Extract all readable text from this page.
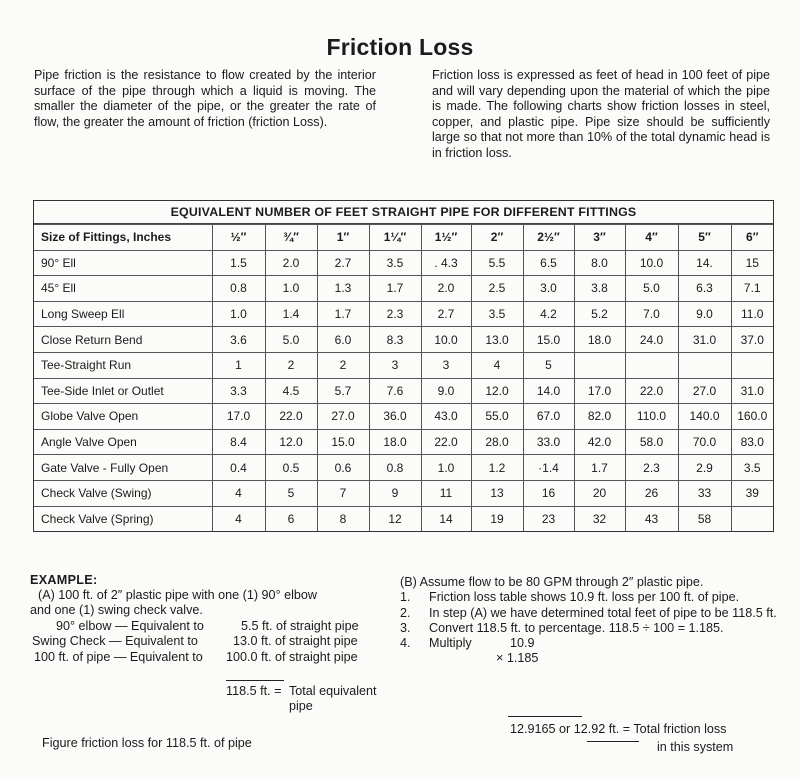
Friction Loss
Pipe friction is the resistance to flow created by the interior surface of the pipe through which a liquid is moving. The smaller the diameter of the pipe, or the greater the rate of flow, the greater the amount of friction (friction Loss).
Friction loss is expressed as feet of head in 100 feet of pipe and will vary depending upon the material of which the pipe is made. The following charts show friction losses in steel, copper, and plastic pipe. Pipe size should be sufficiently large so that not more than 10% of the total dynamic head is in friction loss.
EQUIVALENT NUMBER OF FEET STRAIGHT PIPE FOR DIFFERENT FITTINGS
Size of Fittings, Inches	½″	¾″	1″	1¼″	1½″	2″	2½″	3″	4″	5″	6″
90° Ell	1.5	2.0	2.7	3.5	. 4.3	5.5	6.5	8.0	10.0	14.	15
45° Ell	0.8	1.0	1.3	1.7	2.0	2.5	3.0	3.8	5.0	6.3	7.1
Long Sweep Ell	1.0	1.4	1.7	2.3	2.7	3.5	4.2	5.2	7.0	9.0	11.0
Close Return Bend	3.6	5.0	6.0	8.3	10.0	13.0	15.0	18.0	24.0	31.0	37.0
Tee-Straight Run	1	2	2	3	3	4	5				
Tee-Side Inlet or Outlet	3.3	4.5	5.7	7.6	9.0	12.0	14.0	17.0	22.0	27.0	31.0
Globe Valve Open	17.0	22.0	27.0	36.0	43.0	55.0	67.0	82.0	110.0	140.0	160.0
Angle Valve Open	8.4	12.0	15.0	18.0	22.0	28.0	33.0	42.0	58.0	70.0	83.0
Gate Valve - Fully Open	0.4	0.5	0.6	0.8	1.0	1.2	·1.4	1.7	2.3	2.9	3.5
Check Valve (Swing)	4	5	7	9	11	13	16	20	26	33	39
Check Valve (Spring)	4	6	8	12	14	19	23	32	43	58	
EXAMPLE:
(A) 100 ft. of 2″ plastic pipe with one (1) 90° elbow
and one (1) swing check valve.
90° elbow — Equivalent to	5.5 ft. of straight pipe
Swing Check — Equivalent to	13.0 ft. of straight pipe
100 ft. of pipe — Equivalent to 100.0 ft. of straight pipe
118.5 ft. = Total equivalent pipe
Figure friction loss for 118.5 ft. of pipe
(B) Assume flow to be 80 GPM through 2″ plastic pipe.
1. Friction loss table shows 10.9 ft. loss per 100 ft. of pipe.
2. In step (A) we have determined total feet of pipe to be 118.5 ft.
3. Convert 118.5 ft. to percentage. 118.5 ÷ 100 = 1.185.
4. Multiply	10.9
× 1.185
12.9165 or 12.92 ft. = Total friction loss
in this system
